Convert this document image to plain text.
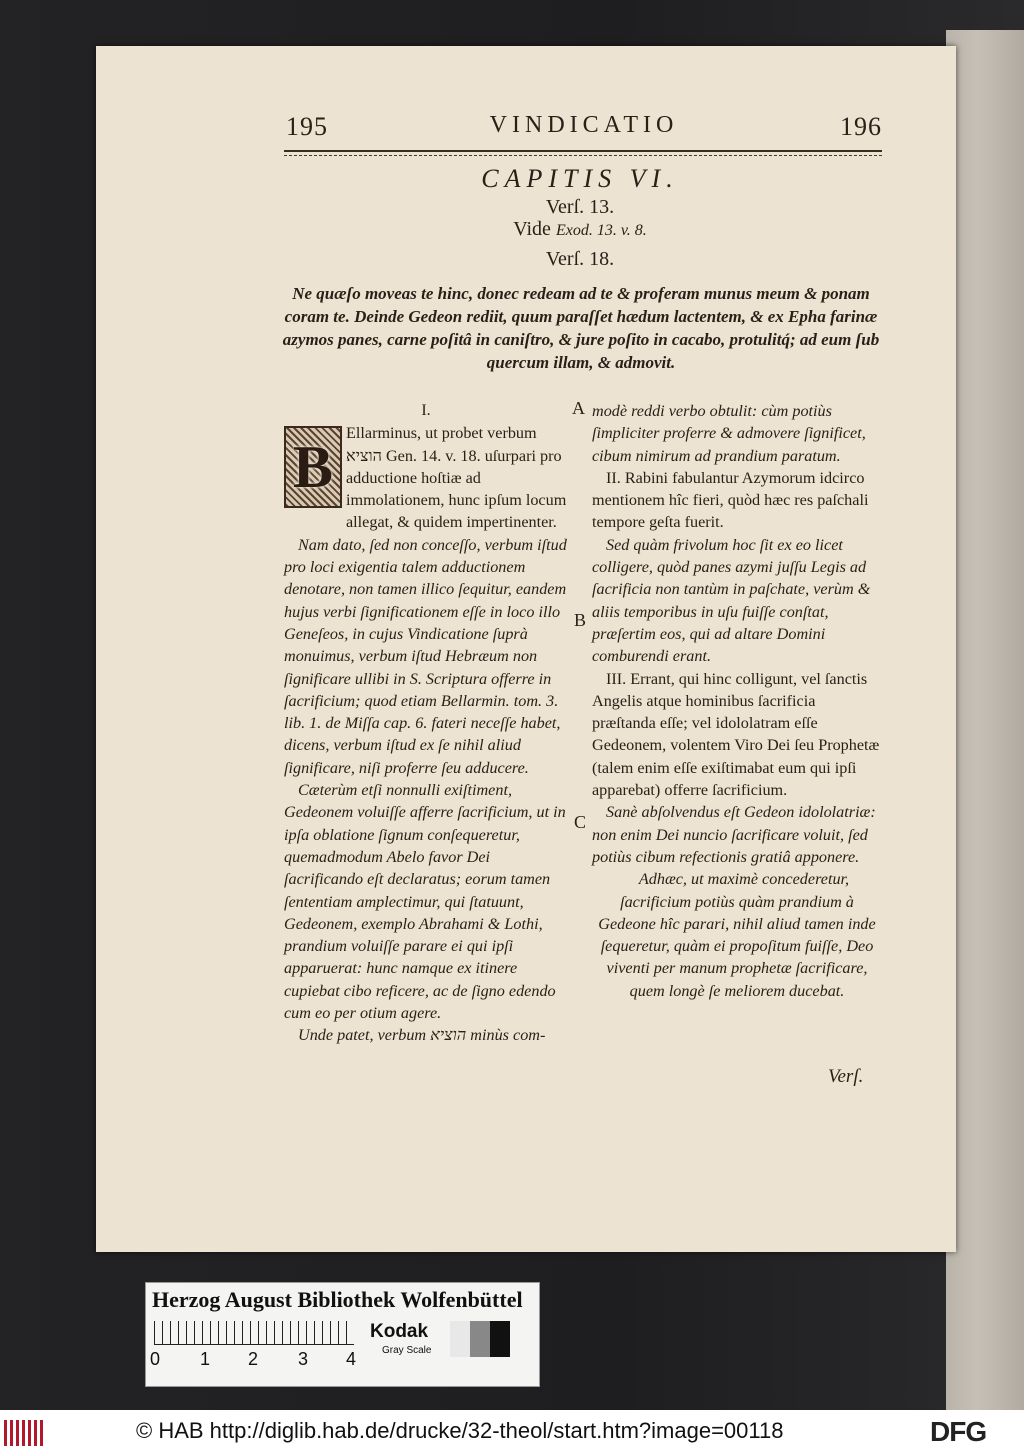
195	VINDICATIO	196
CAPITIS VI.
Verſ. 13.
Vide Exod. 13. v. 8.
Verſ. 18.
Ne quæſo moveas te hinc, donec redeam ad te & proferam munus meum & ponam coram te. Deinde Gedeon rediit, quum paraſſet hædum lactentem, & ex Epha farinæ azymos panes, carne poſitâ in caniſtro, & jure poſito in cacabo, protulitq́; ad eum ſub quercum illam, & admovit.

I.

B

Ellarminus, ut probet verbum הוציא Gen. 14. v. 18. uſurpari pro adductione hoſtiæ ad immolationem, hunc ipſum locum allegat, & quidem impertinenter.

Nam dato, ſed non conceſſo, verbum iſtud pro loci exigentia talem adductionem denotare, non tamen illico ſequitur, eandem hujus verbi ſignificationem eſſe in loco illo Geneſeos, in cujus Vindicatione ſuprà monuimus, verbum iſtud Hebræum non ſignificare ullibi in S. Scriptura offerre in ſacrificium; quod etiam Bellarmin. tom. 3. lib. 1. de Miſſa cap. 6. fateri neceſſe habet, dicens, verbum iſtud ex ſe nihil aliud ſignificare, niſi proferre ſeu adducere.

Cæterùm etſi nonnulli exiſtiment, Gedeonem voluiſſe afferre ſacrificium, ut in ipſa oblatione ſignum conſequeretur, quemadmodum Abelo favor Dei ſacrificando eſt declaratus; eorum tamen ſententiam amplectimur, qui ſtatuunt, Gedeonem, exemplo Abrahami & Lothi, prandium voluiſſe parare ei qui ipſi apparuerat: hunc namque ex itinere cupiebat cibo reficere, ac de ſigno edendo cum eo per otium agere.

Unde patet, verbum הוציא minùs com-

modè reddi verbo obtulit: cùm potiùs ſimpliciter proferre & admovere ſignificet, cibum nimirum ad prandium paratum.

II. Rabini fabulantur Azymorum idcirco mentionem hîc fieri, quòd hæc res paſchali tempore geſta fuerit.

Sed quàm frivolum hoc ſit ex eo licet colligere, quòd panes azymi juſſu Legis ad ſacrificia non tantùm in paſchate, verùm & aliis temporibus in uſu fuiſſe conſtat, præſertim eos, qui ad altare Domini comburendi erant.

III. Errant, qui hinc colligunt, vel ſanctis Angelis atque hominibus ſacrificia præſtanda eſſe; vel idololatram eſſe Gedeonem, volentem Viro Dei ſeu Prophetæ (talem enim eſſe exiſtimabat eum qui ipſi apparebat) offerre ſacrificium.

Sanè abſolvendus eſt Gedeon idololatriæ: non enim Dei nuncio ſacrificare voluit, ſed potiùs cibum refectionis gratiâ apponere.

Adhæc, ut maximè concederetur, ſacrificium potiùs quàm prandium à Gedeone hîc parari, nihil aliud tamen inde ſequeretur, quàm ei propoſitum fuiſſe, Deo viventi per manum prophetæ ſacrificare, quem longè ſe meliorem ducebat.

A
B
C
Verſ.
Herzog August Bibliothek Wolfenbüttel
0 1 2 3 4
Kodak
Gray Scale
© HAB http://diglib.hab.de/drucke/32-theol/start.htm?image=00118	DFG
